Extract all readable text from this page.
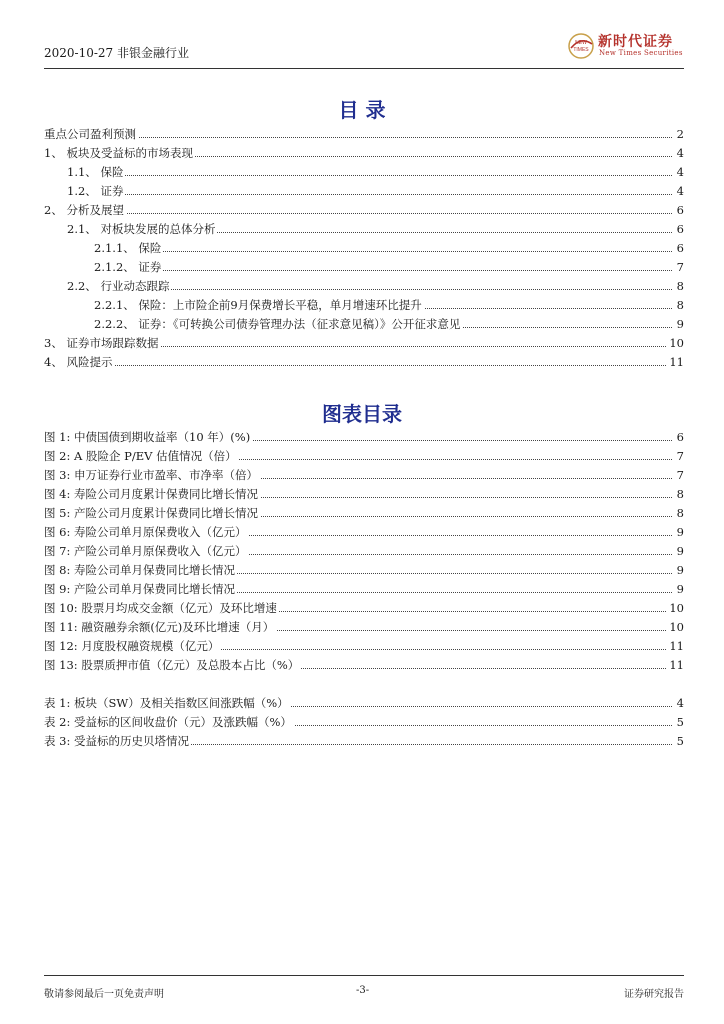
2020-10-27 非银金融行业
NEW
TIMES 新时代证券
New Times Securities
目 录
重点公司盈利预测	2
1、 板块及受益标的市场表现	4
1.1、 保险	4
1.2、 证券	4
2、 分析及展望	6
2.1、 对板块发展的总体分析	6
2.1.1、 保险	6
2.1.2、 证券	7
2.2、 行业动态跟踪	8
2.2.1、 保险：上市险企前9月保费增长平稳，单月增速环比提升	8
2.2.2、 证券：《可转换公司债券管理办法（征求意见稿）》公开征求意见	9
3、 证券市场跟踪数据	10
4、 风险提示	11
图表目录
图 1: 中债国债到期收益率（10 年）(%)	6
图 2: A 股险企 P/EV 估值情况（倍）	7
图 3: 申万证券行业市盈率、市净率（倍）	7
图 4: 寿险公司月度累计保费同比增长情况	8
图 5: 产险公司月度累计保费同比增长情况	8
图 6: 寿险公司单月原保费收入（亿元）	9
图 7: 产险公司单月原保费收入（亿元）	9
图 8: 寿险公司单月保费同比增长情况	9
图 9: 产险公司单月保费同比增长情况	9
图 10: 股票月均成交金额（亿元）及环比增速	10
图 11: 融资融券余额(亿元)及环比增速（月）	10
图 12: 月度股权融资规模（亿元）	11
图 13: 股票质押市值（亿元）及总股本占比（%）	11
表 1: 板块（SW）及相关指数区间涨跌幅（%）	4
表 2: 受益标的区间收盘价（元）及涨跌幅（%）	5
表 3: 受益标的历史贝塔情况	5
敬请参阅最后一页免责声明	-3-	证券研究报告
